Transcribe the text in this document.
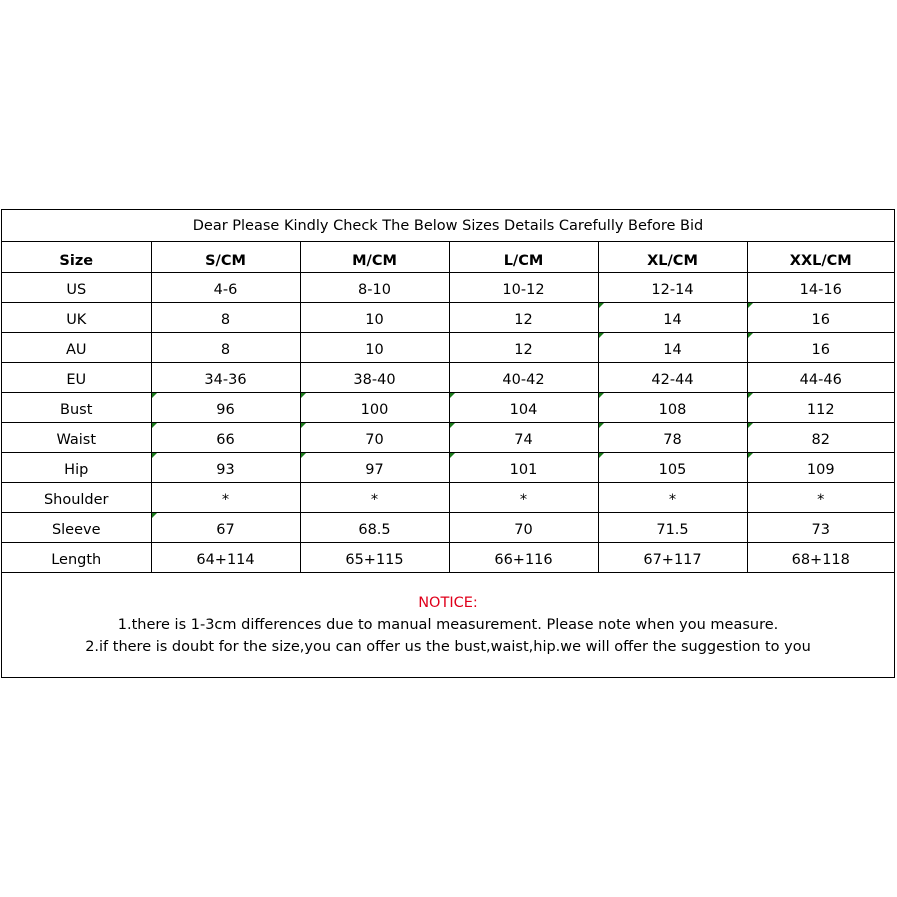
Dear Please Kindly Check The Below Sizes Details Carefully Before Bid
Size	S/CM	M/CM	L/CM	XL/CM	XXL/CM
US	4-6	8-10	10-12	12-14	14-16
UK	8	10	12	14	16
AU	8	10	12	14	16
EU	34-36	38-40	40-42	42-44	44-46
Bust	96	100	104	108	112
Waist	66	70	74	78	82
Hip	93	97	101	105	109
Shoulder	*	*	*	*	*
Sleeve	67	68.5	70	71.5	73
Length	64+114	65+115	66+116	67+117	68+118
NOTICE:
1.there is 1-3cm differences due to manual measurement. Please note when you measure.
2.if there is doubt for the size,you can offer us the bust,waist,hip.we will offer the suggestion to you
